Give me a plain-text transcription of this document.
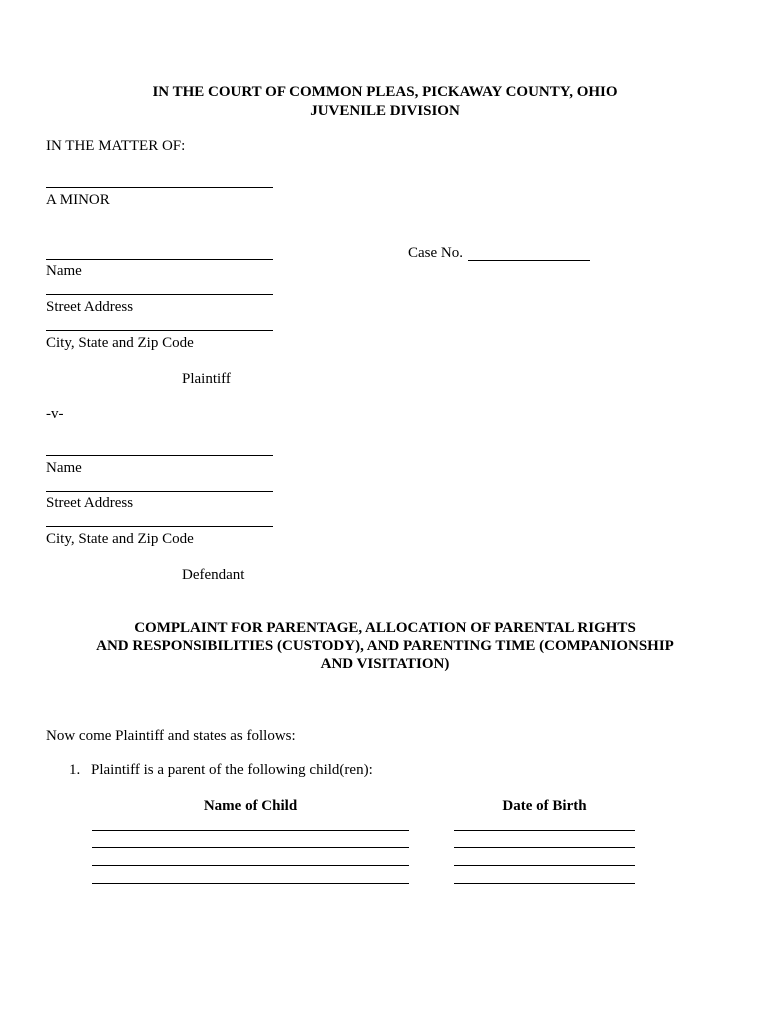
IN THE COURT OF COMMON PLEAS, PICKAWAY COUNTY, OHIO
JUVENILE DIVISION
IN THE MATTER OF:
A MINOR
Case No.
Name
Street Address
City, State and Zip Code
Plaintiff
-v-
Name
Street Address
City, State and Zip Code
Defendant
COMPLAINT FOR PARENTAGE, ALLOCATION OF PARENTAL RIGHTS
AND RESPONSIBILITIES (CUSTODY), AND PARENTING TIME (COMPANIONSHIP
AND VISITATION)
Now come Plaintiff and states as follows:
1. Plaintiff is a parent of the following child(ren):
Name of Child	Date of Birth
